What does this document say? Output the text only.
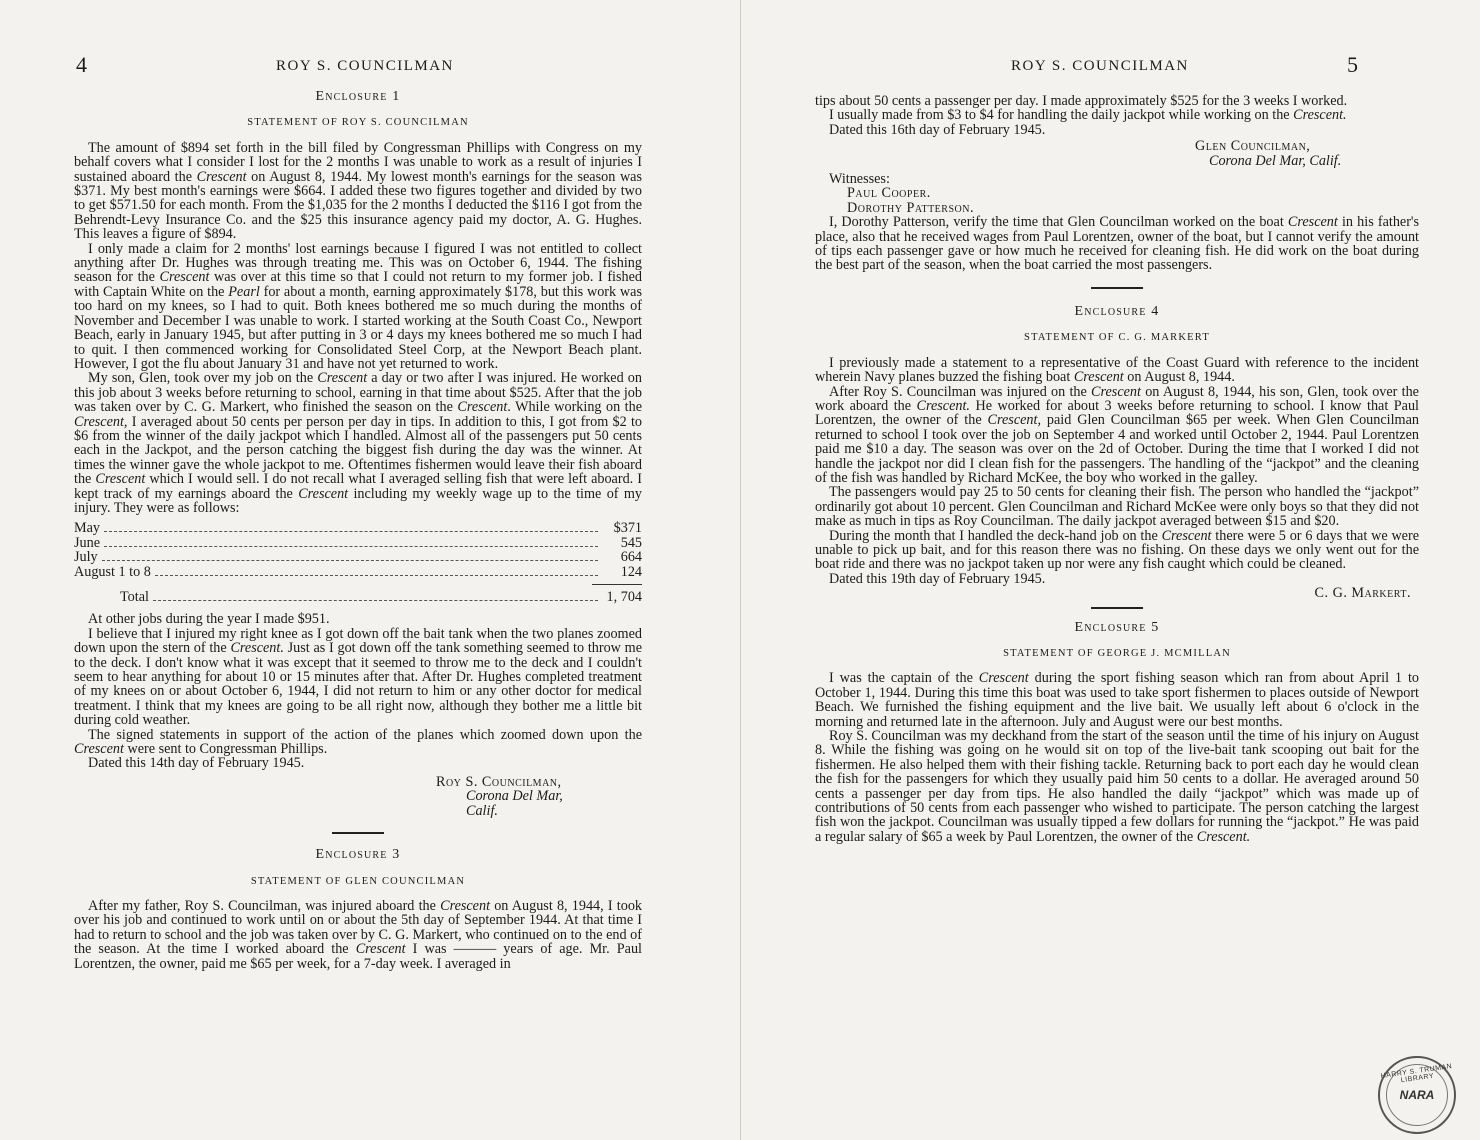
4	ROY S. COUNCILMAN
Enclosure 1
STATEMENT OF ROY S. COUNCILMAN

The amount of $894 set forth in the bill filed by Congressman Phillips with Congress on my behalf covers what I consider I lost for the 2 months I was unable to work as a result of injuries I sustained aboard the Crescent on August 8, 1944. My lowest month's earnings for the season was $371. My best month's earnings were $664. I added these two figures together and divided by two to get $571.50 for each month. From the $1,035 for the 2 months I deducted the $116 I got from the Behrendt-Levy Insurance Co. and the $25 this insurance agency paid my doctor, A. G. Hughes. This leaves a figure of $894.

I only made a claim for 2 months' lost earnings because I figured I was not entitled to collect anything after Dr. Hughes was through treating me. This was on October 6, 1944. The fishing season for the Crescent was over at this time so that I could not return to my former job. I fished with Captain White on the Pearl for about a month, earning approximately $178, but this work was too hard on my knees, so I had to quit. Both knees bothered me so much during the months of November and December I was unable to work. I started working at the South Coast Co., Newport Beach, early in January 1945, but after putting in 3 or 4 days my knees bothered me so much I had to quit. I then commenced working for Consolidated Steel Corp, at the Newport Beach plant. However, I got the flu about January 31 and have not yet returned to work.

My son, Glen, took over my job on the Crescent a day or two after I was injured. He worked on this job about 3 weeks before returning to school, earning in that time about $525. After that the job was taken over by C. G. Markert, who finished the season on the Crescent. While working on the Crescent, I averaged about 50 cents per person per day in tips. In addition to this, I got from $2 to $6 from the winner of the daily jackpot which I handled. Almost all of the passengers put 50 cents each in the Jackpot, and the person catching the biggest fish during the day was the winner. At times the winner gave the whole jackpot to me. Oftentimes fishermen would leave their fish aboard the Crescent which I would sell. I do not recall what I averaged selling fish that were left aboard. I kept track of my earnings aboard the Crescent including my weekly wage up to the time of my injury. They were as follows:

May	$371
June	545
July	664
August 1 to 8	124
Total	1, 704

At other jobs during the year I made $951.

I believe that I injured my right knee as I got down off the bait tank when the two planes zoomed down upon the stern of the Crescent. Just as I got down off the tank something seemed to throw me to the deck. I don't know what it was except that it seemed to throw me to the deck and I couldn't seem to hear anything for about 10 or 15 minutes after that. After Dr. Hughes completed treatment of my knees on or about October 6, 1944, I did not return to him or any other doctor for medical treatment. I think that my knees are going to be all right now, although they bother me a little bit during cold weather.

The signed statements in support of the action of the planes which zoomed down upon the Crescent were sent to Congressman Phillips.

Dated this 14th day of February 1945.

Roy S. Councilman,
Corona Del Mar, Calif.
Enclosure 3
STATEMENT OF GLEN COUNCILMAN

After my father, Roy S. Councilman, was injured aboard the Crescent on August 8, 1944, I took over his job and continued to work until on or about the 5th day of September 1944. At that time I had to return to school and the job was taken over by C. G. Markert, who continued on to the end of the season. At the time I worked aboard the Crescent I was ——— years of age. Mr. Paul Lorentzen, the owner, paid me $65 per week, for a 7-day week. I averaged in

ROY S. COUNCILMAN	5

tips about 50 cents a passenger per day. I made approximately $525 for the 3 weeks I worked.

I usually made from $3 to $4 for handling the daily jackpot while working on the Crescent.

Dated this 16th day of February 1945.

Glen Councilman,
Corona Del Mar, Calif.

Witnesses:

Paul Cooper.
Dorothy Patterson.

I, Dorothy Patterson, verify the time that Glen Councilman worked on the boat Crescent in his father's place, also that he received wages from Paul Lorentzen, owner of the boat, but I cannot verify the amount of tips each passenger gave or how much he received for cleaning fish. He did work on the boat during the best part of the season, when the boat carried the most passengers.

Enclosure 4
STATEMENT OF C. G. MARKERT

I previously made a statement to a representative of the Coast Guard with reference to the incident wherein Navy planes buzzed the fishing boat Crescent on August 8, 1944.

After Roy S. Councilman was injured on the Crescent on August 8, 1944, his son, Glen, took over the work aboard the Crescent. He worked for about 3 weeks before returning to school. I know that Paul Lorentzen, the owner of the Crescent, paid Glen Councilman $65 per week. When Glen Councilman returned to school I took over the job on September 4 and worked until October 2, 1944. Paul Lorentzen paid me $10 a day. The season was over on the 2d of October. During the time that I worked I did not handle the jackpot nor did I clean fish for the passengers. The handling of the “jackpot” and the cleaning of the fish was handled by Richard McKee, the boy who worked in the galley.

The passengers would pay 25 to 50 cents for cleaning their fish. The person who handled the “jackpot” ordinarily got about 10 percent. Glen Councilman and Richard McKee were only boys so that they did not make as much in tips as Roy Councilman. The daily jackpot averaged between $15 and $20.

During the month that I handled the deck-hand job on the Crescent there were 5 or 6 days that we were unable to pick up bait, and for this reason there was no fishing. On these days we only went out for the boat ride and there was no jackpot taken up nor were any fish caught which could be cleaned.

Dated this 19th day of February 1945.

C. G. Markert.
Enclosure 5
STATEMENT OF GEORGE J. MCMILLAN

I was the captain of the Crescent during the sport fishing season which ran from about April 1 to October 1, 1944. During this time this boat was used to take sport fishermen to places outside of Newport Beach. We furnished the fishing equipment and the live bait. We usually left about 6 o'clock in the morning and returned late in the afternoon. July and August were our best months.

Roy S. Councilman was my deckhand from the start of the season until the time of his injury on August 8. While the fishing was going on he would sit on top of the live-bait tank scooping out bait for the fishermen. He also helped them with their fishing tackle. Returning back to port each day he would clean the fish for the passengers for which they usually paid him 50 cents to a dollar. He averaged around 50 cents a passenger per day from tips. He also handled the daily “jackpot” which was made up of contributions of 50 cents from each passenger who wished to participate. The person catching the largest fish won the jackpot. Councilman was usually tipped a few dollars for running the “jackpot.” He was paid a regular salary of $65 a week by Paul Lorentzen, the owner of the Crescent.

HARRY S. TRUMAN LIBRARY
NARA
